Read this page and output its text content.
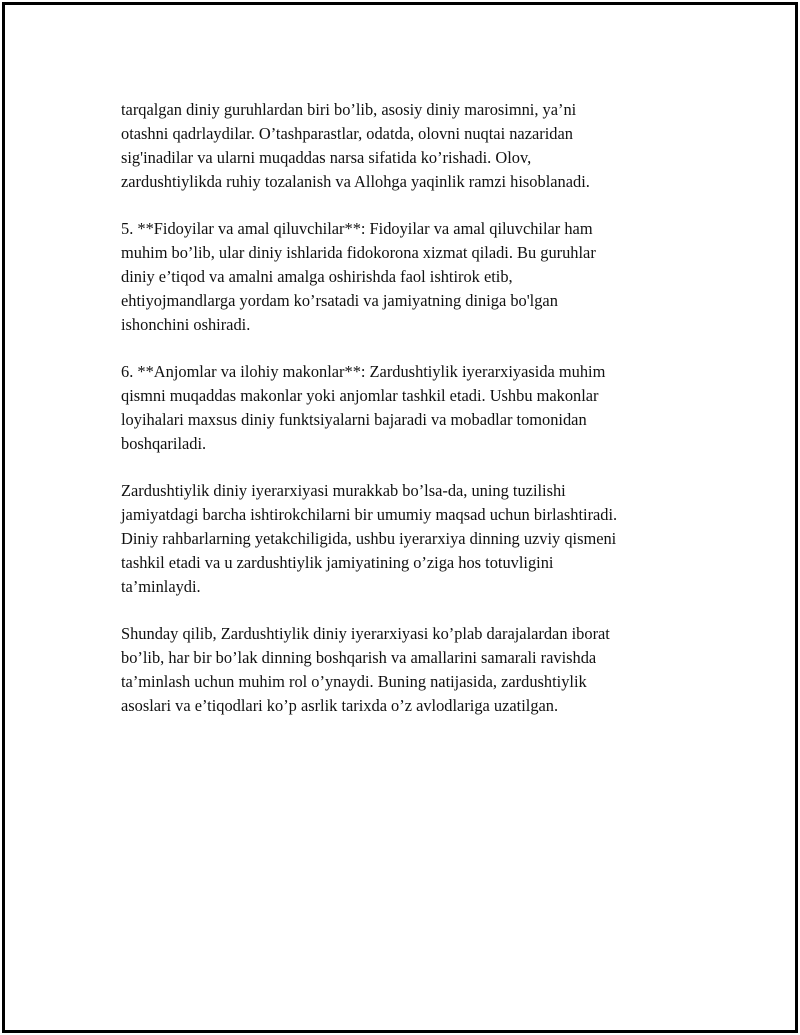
tarqalgan diniy guruhlardan biri bo’lib, asosiy diniy marosimni, ya’ni
otashni qadrlaydilar. O’tashparastlar, odatda, olovni nuqtai nazaridan
sig'inadilar va ularni muqaddas narsa sifatida ko’rishadi. Olov,
zardushtiylikda ruhiy tozalanish va Allohga yaqinlik ramzi hisoblanadi.

5. **Fidoyilar va amal qiluvchilar**: Fidoyilar va amal qiluvchilar ham
muhim bo’lib, ular diniy ishlarida fidokorona xizmat qiladi. Bu guruhlar
diniy e’tiqod va amalni amalga oshirishda faol ishtirok etib,
ehtiyojmandlarga yordam ko’rsatadi va jamiyatning diniga bo'lgan
ishonchini oshiradi.

6. **Anjomlar va ilohiy makonlar**: Zardushtiylik iyerarxiyasida muhim
qismni muqaddas makonlar yoki anjomlar tashkil etadi. Ushbu makonlar
loyihalari maxsus diniy funktsiyalarni bajaradi va mobadlar tomonidan
boshqariladi.

Zardushtiylik diniy iyerarxiyasi murakkab bo’lsa-da, uning tuzilishi
jamiyatdagi barcha ishtirokchilarni bir umumiy maqsad uchun birlashtiradi.
Diniy rahbarlarning yetakchiligida, ushbu iyerarxiya dinning uzviy qismeni
tashkil etadi va u zardushtiylik jamiyatining o’ziga hos totuvligini
ta’minlaydi.

Shunday qilib, Zardushtiylik diniy iyerarxiyasi ko’plab darajalardan iborat
bo’lib, har bir bo’lak dinning boshqarish va amallarini samarali ravishda
ta’minlash uchun muhim rol o’ynaydi. Buning natijasida, zardushtiylik
asoslari va e’tiqodlari ko’p asrlik tarixda o’z avlodlariga uzatilgan.
